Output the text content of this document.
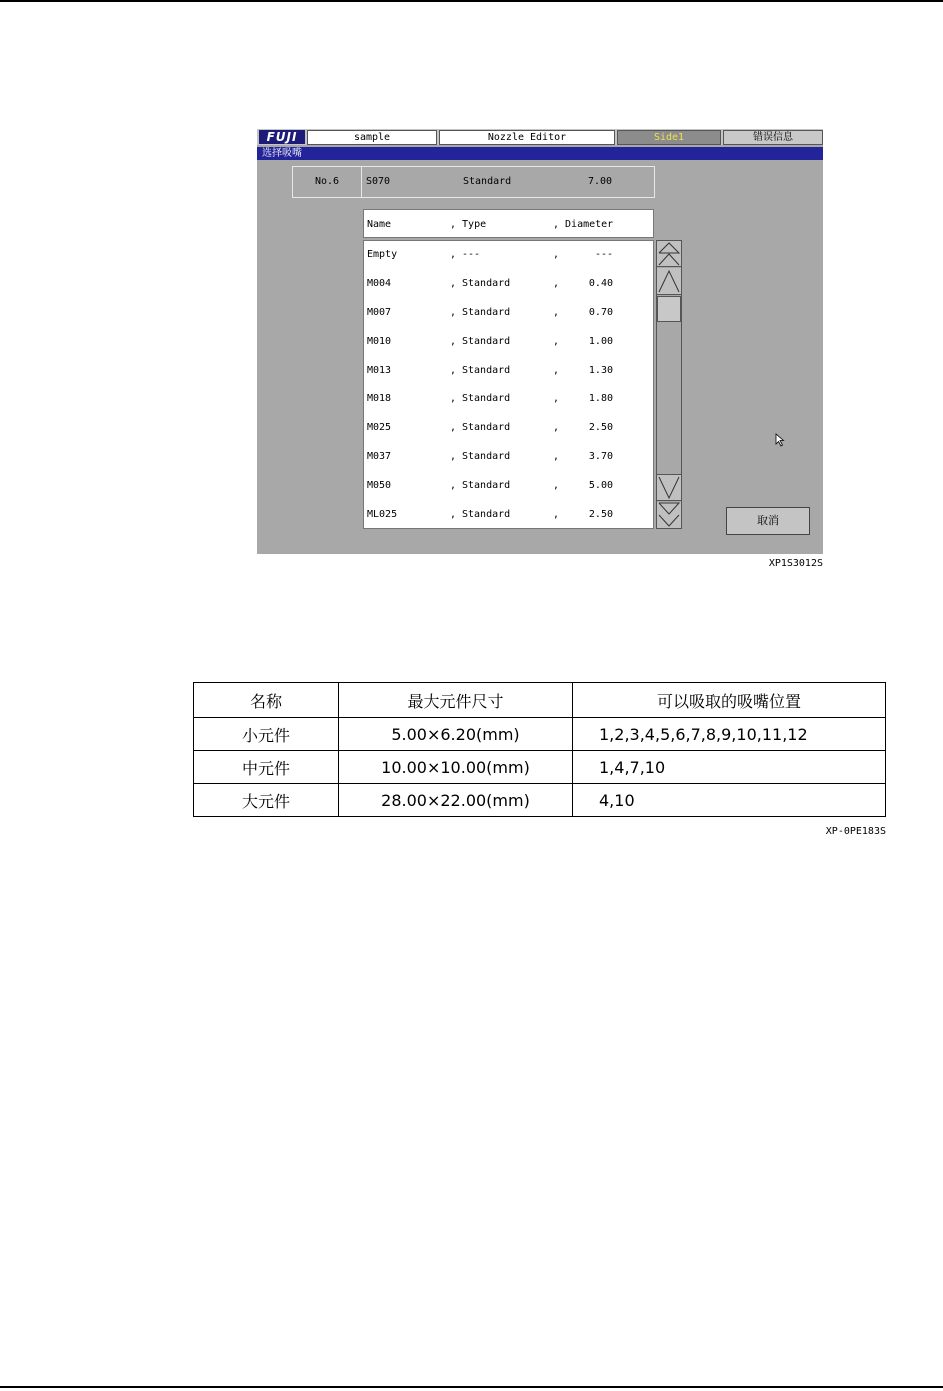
FUJI	sample	Nozzle Editor	Side1	错误信息
选择吸嘴
No.6	S070	Standard	7.00
Name	, Type	, Diameter
Empty	, ---	,	---
M004	, Standard	,	0.40
M007	, Standard	,	0.70
M010	, Standard	,	1.00
M013	, Standard	,	1.30
M018	, Standard	,	1.80
M025	, Standard	,	2.50
M037	, Standard	,	3.70
M050	, Standard	,	5.00
ML025	, Standard	,	2.50	取消
XP1S3012S
名称	最大元件尺寸	可以吸取的吸嘴位置
小元件	5.00×6.20(mm)	1,2,3,4,5,6,7,8,9,10,11,12
中元件	10.00×10.00(mm)	1,4,7,10
大元件	28.00×22.00(mm)	4,10
XP-0PE183S
